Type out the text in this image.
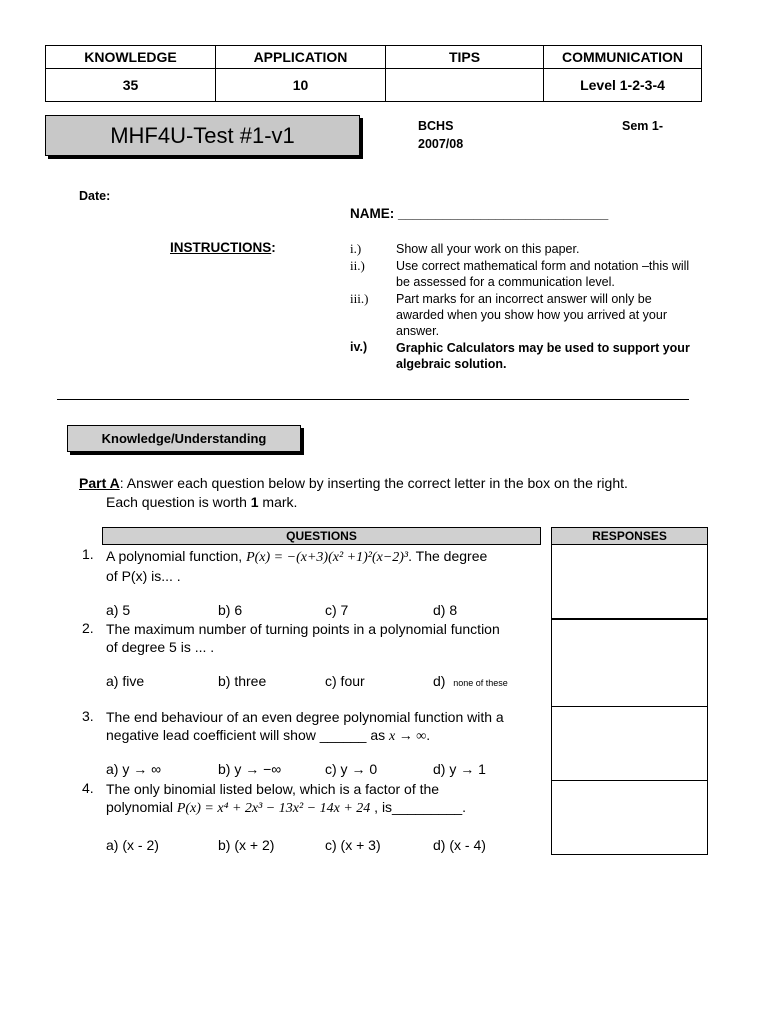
KNOWLEDGE	APPLICATION	TIPS	COMMUNICATION
35	10		Level 1-2-3-4
MHF4U-Test #1-v1	BCHS
2007/08
Sem 1-
Date:
NAME: ____________________________
INSTRUCTIONS:	i.)	Show all your work on this paper.
ii.) Use correct mathematical form and notation –this will be assessed for a communication level.
iii.) Part marks for an incorrect answer will only be awarded when you show how you arrived at your answer.
iv.) Graphic Calculators may be used to support your algebraic solution.
Knowledge/Understanding
Part A: Answer each question below by inserting the correct letter in the box on the right.
Each question is worth 1 mark.
QUESTIONS	RESPONSES
1. A polynomial function, P(x) = −(x+3)(x² +1)²(x−2)³. The degree
of P(x) is... .
a) 5	b) 6	c) 7	d) 8
2. The maximum number of turning points in a polynomial function
of degree 5 is ... .
a) five	b) three	c) four	d) none of these
3. The end behaviour of an even degree polynomial function with a
negative lead coefficient will show ______ as x → ∞.
a) y → ∞	b) y → −∞	c) y → 0	d) y → 1
4. The only binomial listed below, which is a factor of the
polynomial P(x) = x⁴ + 2x³ − 13x² − 14x + 24 , is_________.
a) (x - 2)	b) (x + 2)	c) (x + 3)	d) (x - 4)
